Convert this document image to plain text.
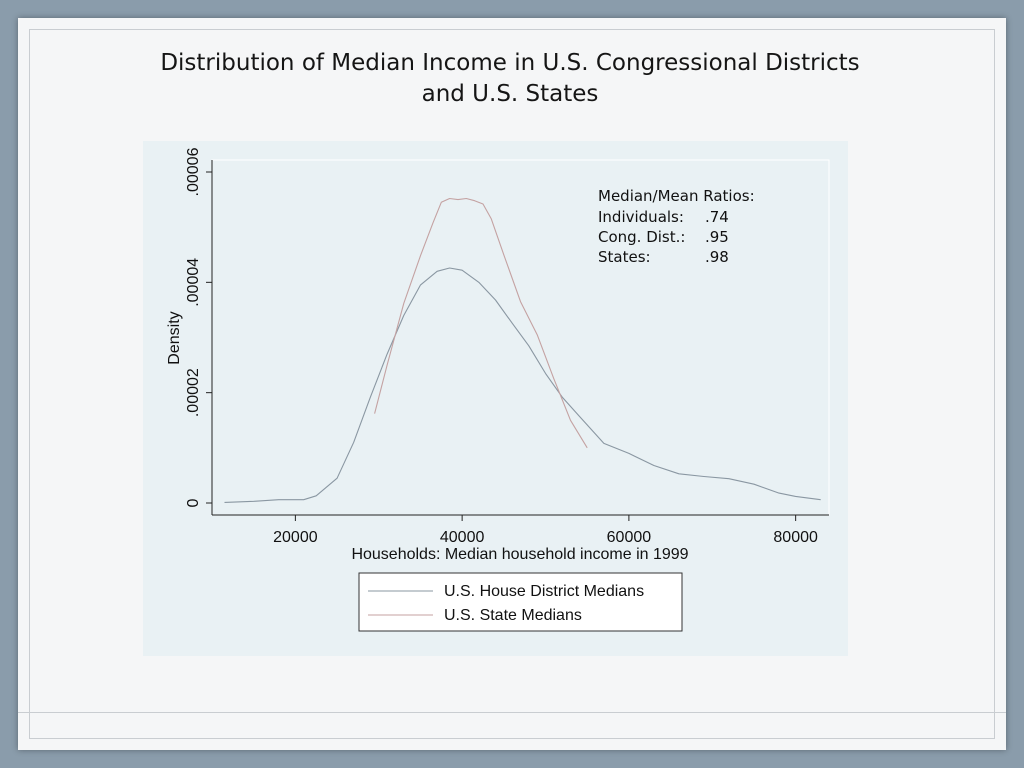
Distribution of Median Income in U.S. Congressional Districts and U.S. States
20000	40000	60000	80000
0
.00002
.00004
.00006
Density
Households: Median household income in 1999
Median/Mean Ratios:
Individuals: .74
Cong. Dist.: .95
States:	.98
U.S. House District Medians
U.S. State Medians
